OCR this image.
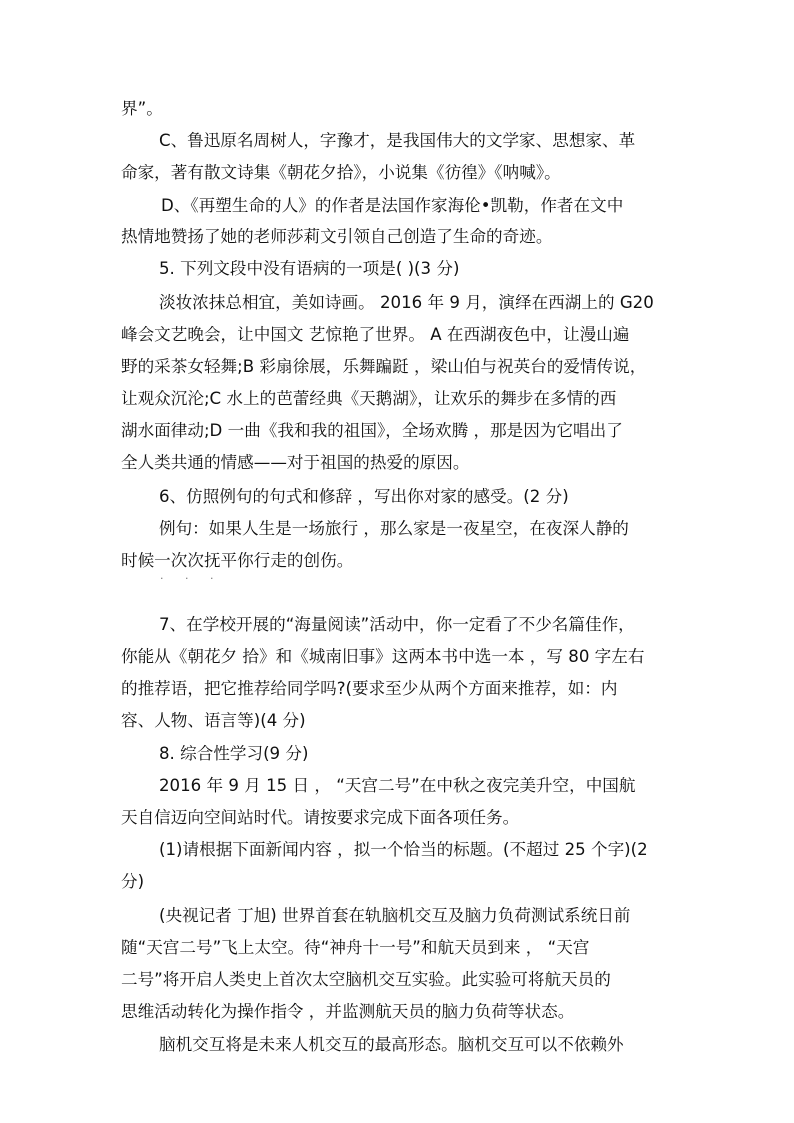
界”。

C、鲁迅原名周树人，字豫才，是我国伟大的文学家、思想家、革

命家，著有散文诗集《朝花夕拾》，小说集《彷徨》《呐喊》。

D、《再塑生命的人》的作者是法国作家海伦•凯勒，作者在文中

热情地赞扬了她的老师莎莉文引领自己创造了生命的奇迹。

5. 下列文段中没有语病的一项是( )(3 分)

淡妆浓抹总相宜，美如诗画。 2016 年 9 月，演绎在西湖上的 G20

峰会文艺晚会，让中国文 艺惊艳了世界。 A 在西湖夜色中，让漫山遍

野的采茶女轻舞;B 彩扇徐展，乐舞蹁跹 ，梁山伯与祝英台的爱情传说，

让观众沉沦;C 水上的芭蕾经典《天鹅湖》，让欢乐的舞步在多情的西

湖水面律动;D 一曲《我和我的祖国》，全场欢腾 ，那是因为它唱出了

全人类共通的情感——对于祖国的热爱的原因。

6、仿照例句的句式和修辞 ，写出你对家的感受。(2 分)

例句：如果人生是一场旅行 ，那么家是一夜星空，在夜深人静的

时候一次次抚平你行走的创伤。

· · ·

7、在学校开展的“海量阅读”活动中，你一定看了不少名篇佳作，

你能从《朝花夕 拾》和《城南旧事》这两本书中选一本 ，写 80 字左右

的推荐语，把它推荐给同学吗?(要求至少从两个方面来推荐，如：内

容、人物、语言等)(4 分)

8. 综合性学习(9 分)

2016 年 9 月 15 日 ， “天宫二号”在中秋之夜完美升空，中国航

天自信迈向空间站时代。请按要求完成下面各项任务。

(1)请根据下面新闻内容 ，拟一个恰当的标题。(不超过 25 个字)(2

分)

(央视记者 丁旭) 世界首套在轨脑机交互及脑力负荷测试系统日前

随“天宫二号”飞上太空。待“神舟十一号”和航天员到来 ， “天宫

二号”将开启人类史上首次太空脑机交互实验。此实验可将航天员的

思维活动转化为操作指令 ，并监测航天员的脑力负荷等状态。

脑机交互将是未来人机交互的最高形态。脑机交互可以不依赖外
